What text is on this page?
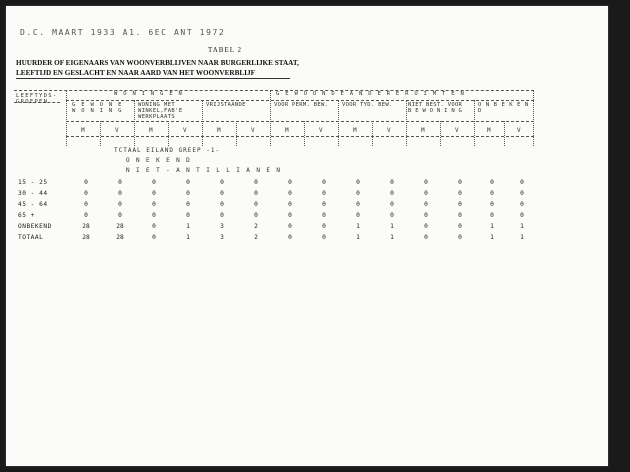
D.C. MAART 1933 A1. 6EC ANT 1972
TABEL 2
HUURDER OF EIGENAARS VAN WOONVERBLIJVEN NAAR BURGERLIJKE STAAT,
LEEFTIJD EN GESLACHT EN NAAR AARD VAN HET WOONVERBLIJF
LEEFTYDS-
GROEPEN
W O N I N G E N	G E W O O N D E A N D E R E R U I M T E N
G E W O N E
W O N I N G
WONING MET
WINKEL,FAB'E
WERKPLAATS
VRIJSTAANDE	VOOR PERM. BEW.	VOOR TYD. BEW.	NIET BEST. VOOR
B E W O N I N G
O N B E K E N D
M	V	M	V	M	V	M	V	M	V	M	V	M	V
TCTAAL EILAND GREEP -1-
O N E K E N D
N I E T - A N T I L L I A N E N
15 - 25	0	0	0	0	0	0	0	0	0	0	0	0	0	0
30 - 44	0	0	0	0	0	0	0	0	0	0	0	0	0	0
45 - 64	0	0	0	0	0	0	0	0	0	0	0	0	0	0
65 +	0	0	0	0	0	0	0	0	0	0	0	0	0	0
ONBEKEND	28	28	0	1	3	2	0	0	1	1	0	0	1	1
TOTAAL	28	28	0	1	3	2	0	0	1	1	0	0	1	1
